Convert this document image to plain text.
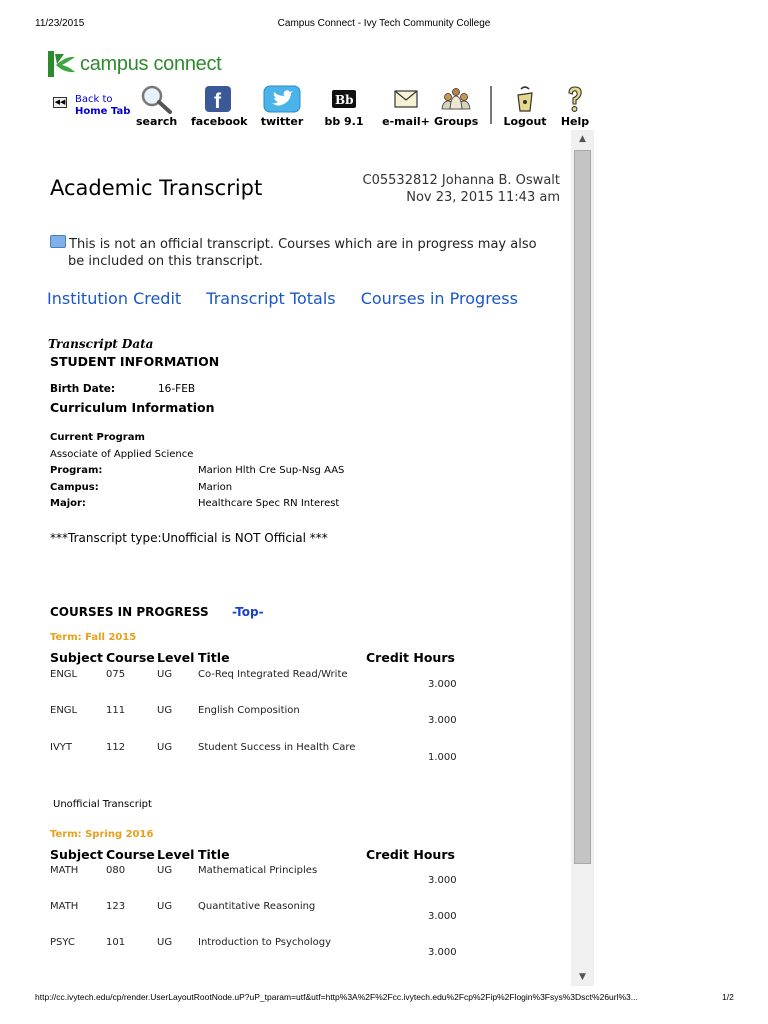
11/23/2015	Campus Connect - Ivy Tech Community College
campus connect
◀◀ Back to
Home Tab
search
f
facebook twitter
Bb
bb 9.1 e-mail+ Groups	Logout	Help
▲
▼
Academic Transcript	C05532812 Johanna B. Oswalt
Nov 23, 2015 11:43 am
This is not an official transcript. Courses which are in progress may also
be included on this transcript.
Institution Credit Transcript Totals Courses in Progress
Transcript Data
STUDENT INFORMATION
Birth Date:	16-FEB
Curriculum Information
Current Program
Associate of Applied Science
Program:	Marion Hlth Cre Sup-Nsg AAS
Campus:	Marion
Major:	Healthcare Spec RN Interest
***Transcript type:Unofficial is NOT Official ***
COURSES IN PROGRESS -Top-
Term: Fall 2015
Subject Course Level Title	Credit Hours
ENGL	075	UG	Co-Req Integrated Read/Write
3.000
ENGL	111	UG	English Composition
3.000
IVYT	112	UG	Student Success in Health Care
1.000
Unofficial Transcript
Term: Spring 2016
Subject Course Level Title	Credit Hours
MATH	080	UG	Mathematical Principles
3.000
MATH	123	UG	Quantitative Reasoning
3.000
PSYC	101	UG	Introduction to Psychology
3.000
http://cc.ivytech.edu/cp/render.UserLayoutRootNode.uP?uP_tparam=utf&utf=http%3A%2F%2Fcc.ivytech.edu%2Fcp%2Fip%2Flogin%3Fsys%3Dsct%26url%3...	1/2
